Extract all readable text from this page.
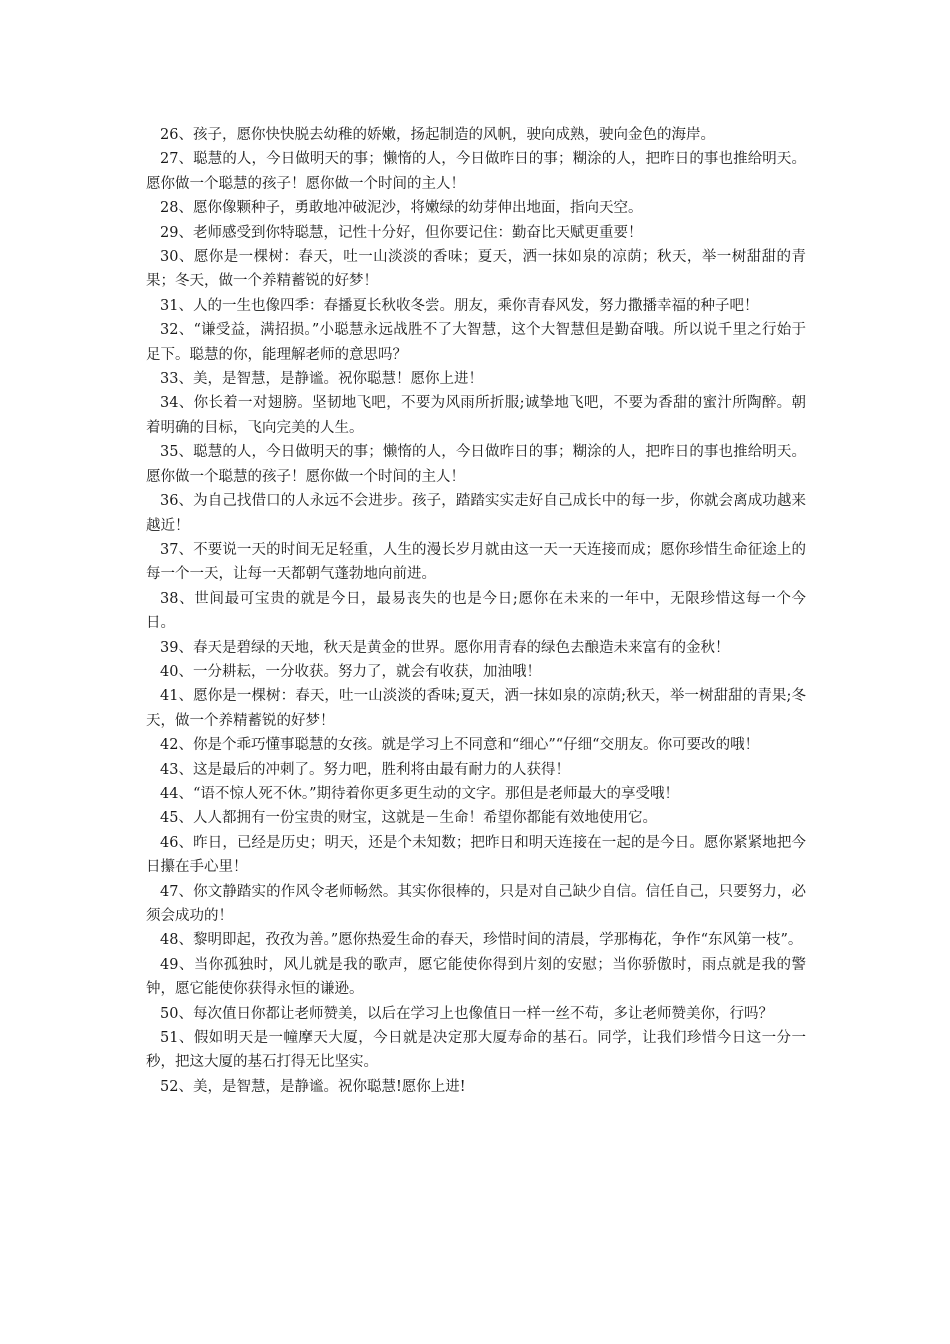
26、孩子，愿你快快脱去幼稚的娇嫩，扬起制造的风帆，驶向成熟，驶向金色的海岸。

27、聪慧的人，今日做明天的事；懒惰的人，今日做昨日的事；糊涂的人，把昨日的事也推给明天。愿你做一个聪慧的孩子！愿你做一个时间的主人！

28、愿你像颗种子，勇敢地冲破泥沙，将嫩绿的幼芽伸出地面，指向天空。

29、老师感受到你特聪慧，记性十分好，但你要记住：勤奋比天赋更重要！

30、愿你是一棵树：春天，吐一山淡淡的香味；夏天，洒一抹如泉的凉荫；秋天，举一树甜甜的青果；冬天，做一个养精蓄锐的好梦！

31、人的一生也像四季：春播夏长秋收冬尝。朋友，乘你青春风发，努力撒播幸福的种子吧！

32、“谦受益，满招损。”小聪慧永远战胜不了大智慧，这个大智慧但是勤奋哦。所以说千里之行始于足下。聪慧的你，能理解老师的意思吗？

33、美，是智慧，是静谧。祝你聪慧！愿你上进！

34、你长着一对翅膀。坚韧地飞吧，不要为风雨所折服;诚挚地飞吧，不要为香甜的蜜汁所陶醉。朝着明确的目标，飞向完美的人生。

35、聪慧的人，今日做明天的事；懒惰的人，今日做昨日的事；糊涂的人，把昨日的事也推给明天。愿你做一个聪慧的孩子！愿你做一个时间的主人！

36、为自己找借口的人永远不会进步。孩子，踏踏实实走好自己成长中的每一步，你就会离成功越来越近！

37、不要说一天的时间无足轻重，人生的漫长岁月就由这一天一天连接而成；愿你珍惜生命征途上的每一个一天，让每一天都朝气蓬勃地向前进。

38、世间最可宝贵的就是今日，最易丧失的也是今日;愿你在未来的一年中，无限珍惜这每一个今日。

39、春天是碧绿的天地，秋天是黄金的世界。愿你用青春的绿色去酿造未来富有的金秋！

40、一分耕耘，一分收获。努力了，就会有收获，加油哦！

41、愿你是一棵树：春天，吐一山淡淡的香味;夏天，洒一抹如泉的凉荫;秋天，举一树甜甜的青果;冬天，做一个养精蓄锐的好梦！

42、你是个乖巧懂事聪慧的女孩。就是学习上不同意和“细心”“仔细“交朋友。你可要改的哦！

43、这是最后的冲刺了。努力吧，胜利将由最有耐力的人获得！

44、“语不惊人死不休。”期待着你更多更生动的文字。那但是老师最大的享受哦！

45、人人都拥有一份宝贵的财宝，这就是－生命！希望你都能有效地使用它。

46、昨日，已经是历史；明天，还是个未知数；把昨日和明天连接在一起的是今日。愿你紧紧地把今日攥在手心里！

47、你文静踏实的作风令老师畅然。其实你很棒的，只是对自己缺少自信。信任自己，只要努力，必须会成功的！

48、黎明即起，孜孜为善。”愿你热爱生命的春天，珍惜时间的清晨，学那梅花，争作“东风第一枝”。

49、当你孤独时，风儿就是我的歌声，愿它能使你得到片刻的安慰；当你骄傲时，雨点就是我的警钟，愿它能使你获得永恒的谦逊。

50、每次值日你都让老师赞美，以后在学习上也像值日一样一丝不苟，多让老师赞美你，行吗？

51、假如明天是一幢摩天大厦，今日就是决定那大厦寿命的基石。同学，让我们珍惜今日这一分一秒，把这大厦的基石打得无比坚实。

52、美，是智慧，是静谧。祝你聪慧!愿你上进!
